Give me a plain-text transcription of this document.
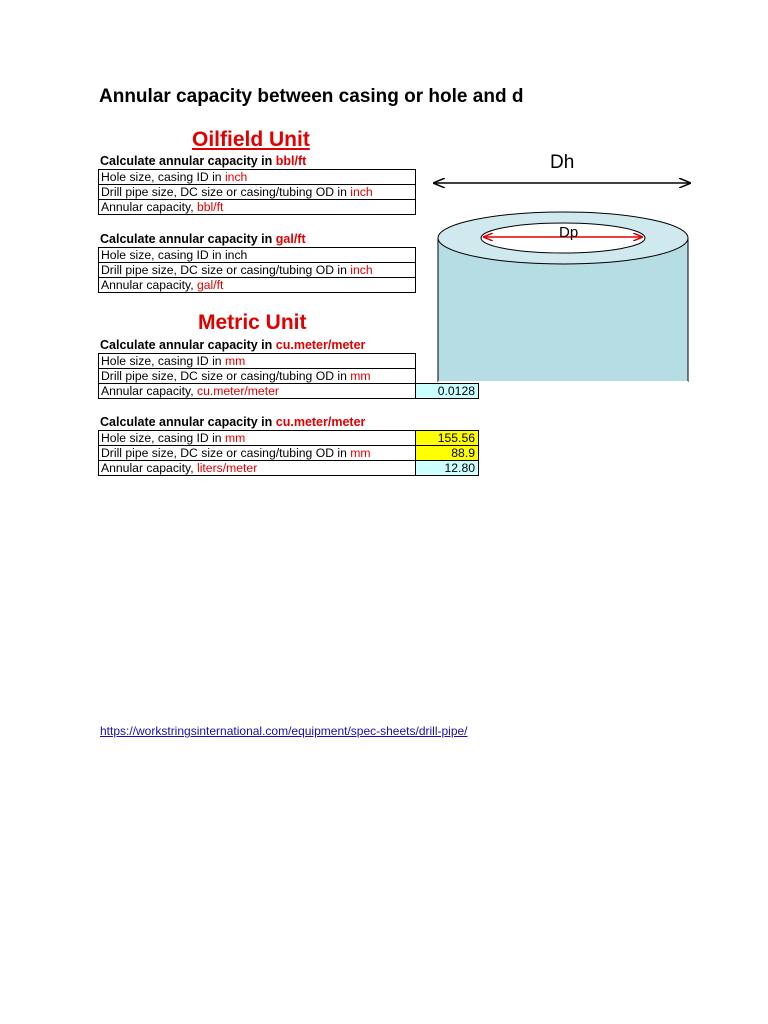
Annular capacity between casing or hole and d
Oilfield Unit
Calculate annular capacity in bbl/ft
Hole size, casing ID in inch
Drill pipe size, DC size or casing/tubing OD in inch
Annular capacity, bbl/ft
Calculate annular capacity in gal/ft
Hole size, casing ID in inch
Drill pipe size, DC size or casing/tubing OD in inch
Annular capacity, gal/ft
Metric Unit
Calculate annular capacity in cu.meter/meter
Hole size, casing ID in mm
Drill pipe size, DC size or casing/tubing OD in mm
Annular capacity, cu.meter/meter	0.0128
Calculate annular capacity in cu.meter/meter
Hole size, casing ID in mm	155.56
Drill pipe size, DC size or casing/tubing OD in mm	88.9
Annular capacity, liters/meter	12.80
Dh
Dp
https://workstringsinternational.com/equipment/spec-sheets/drill-pipe/
